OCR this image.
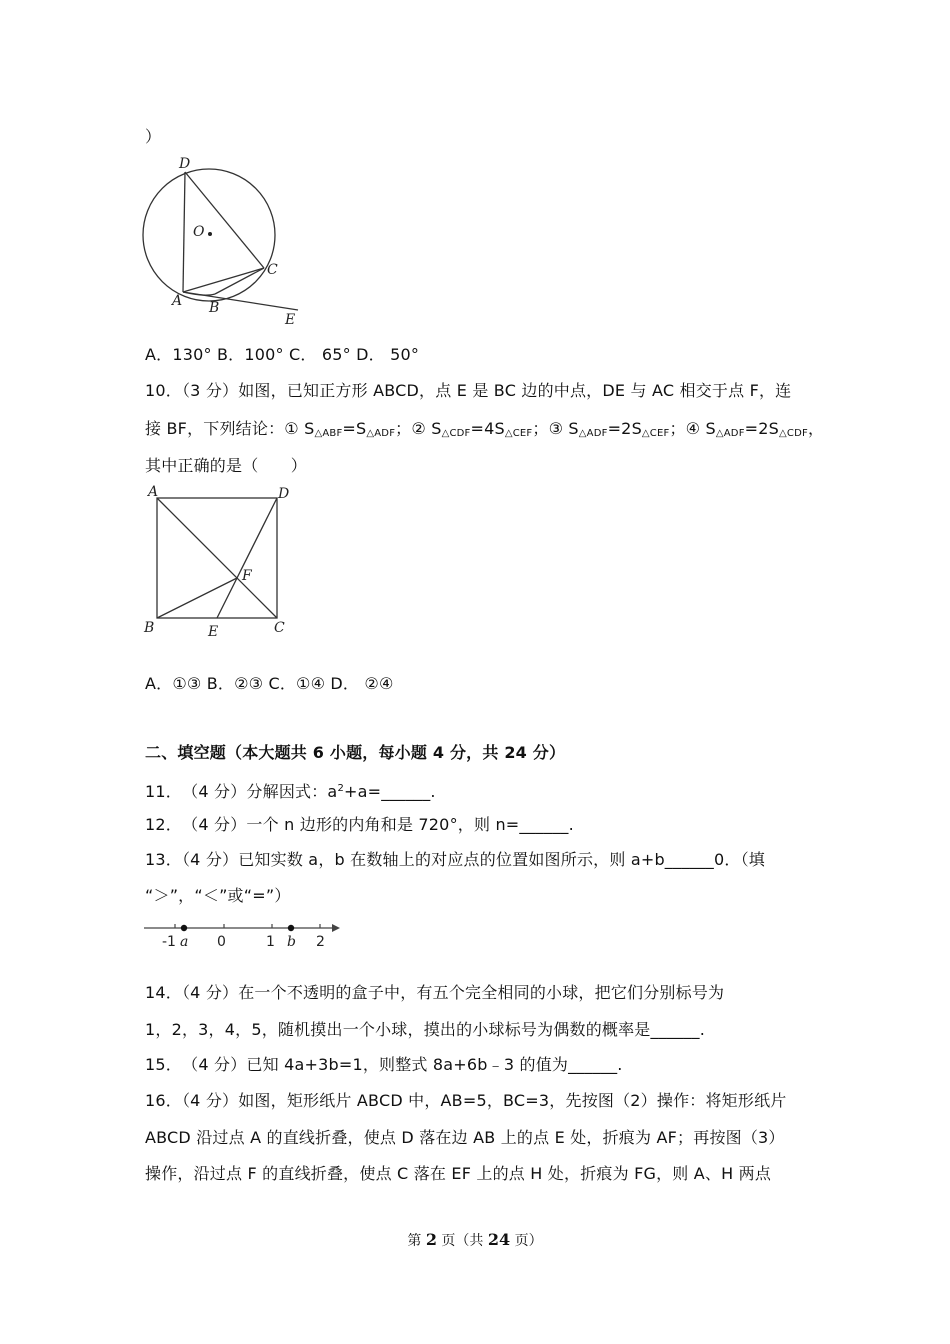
）
D
O
C
A B
E
A．130° B．100° C． 65° D． 50°
10．（3 分）如图，已知正方形 ABCD，点 E 是 BC 边的中点，DE 与 AC 相交于点 F，连
接 BF，下列结论：① $S_{\triangle ABF}=S_{\triangle ADF}$；② $S_{\triangle CDF}=4S_{\triangle CEF}$；③ $S_{\triangle ADF}=2S_{\triangle CEF}$；④ $S_{\triangle ADF}=2S_{\triangle CDF}$，
其中正确的是（　　）
A	D
F
B	E	C
A．①③ B．②③ C．①④ D． ②④
二、填空题（本大题共 6 小题，每小题 4 分，共 24 分）
11．　（4 分）分解因式：$a^2+a=\_\_\_\_\_\_$.
12．　（4 分）一个 n 边形的内角和是 720°，则 n=______.
13．（4 分）已知实数 a，b 在数轴上的对应点的位置如图所示，则 a+b______0．（填
“＞”，“＜”或“=”）
-1 a 0	1 b 2
14．（4 分）在一个不透明的盒子中，有五个完全相同的小球，把它们分别标号为
1，2，3，4，5，随机摸出一个小球，摸出的小球标号为偶数的概率是______.
15．　（4 分）已知 4a+3b=1，则整式 8a+6b﹣3 的值为______.
16．（4 分）如图，矩形纸片 ABCD 中，AB=5，BC=3，先按图（2）操作：将矩形纸片
ABCD 沿过点 A 的直线折叠，使点 D 落在边 AB 上的点 E 处，折痕为 AF；再按图（3）
操作，沿过点 F 的直线折叠，使点 C 落在 EF 上的点 H 处，折痕为 FG，则 A、H 两点
第 2 页（共 24 页）
